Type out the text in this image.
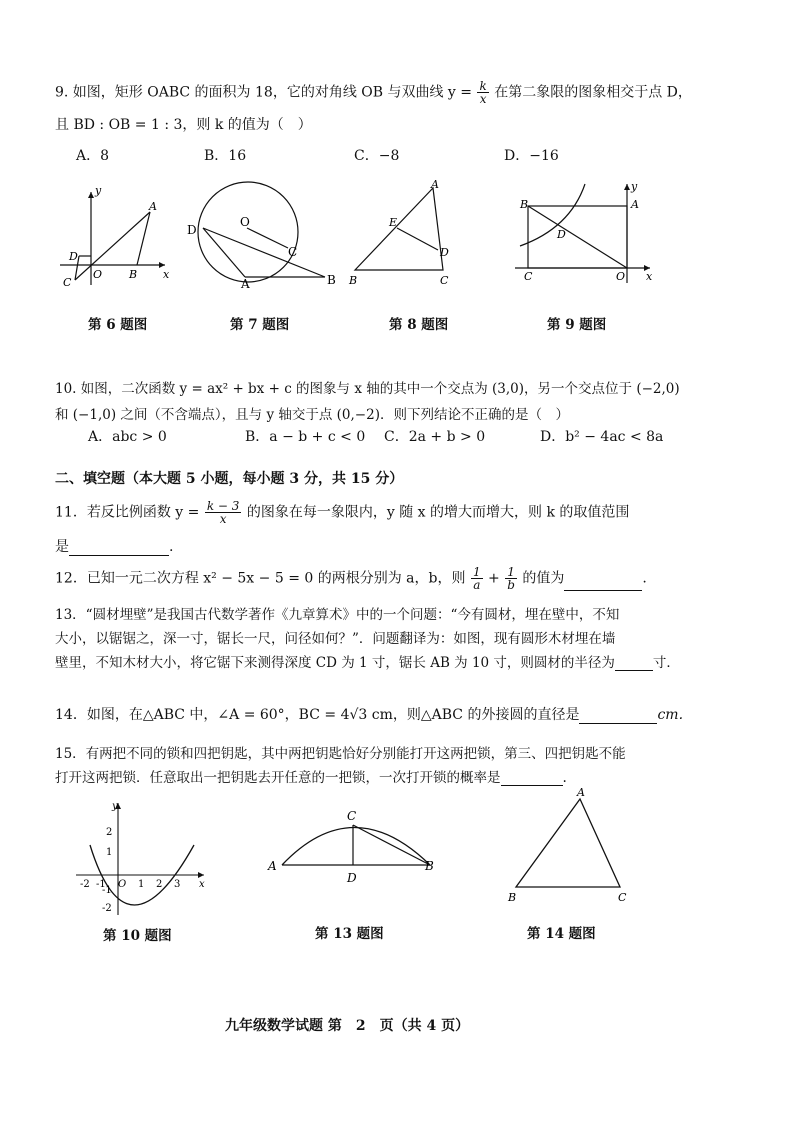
9. 如图，矩形 OABC 的面积为 18，它的对角线 OB 与双曲线 $y = \frac{k}{x}$ 在第二象限的图象相交于点 D，
且 BD : OB = 1 : 3，则 k 的值为（　）
A．8	B．16	C．−8	D．−16
y
x
A
B
C
D
O
第 6 题图
O
D
C
A	B
第 7 题图
A
E
D
B	C
第 8 题图
y
B	A
D
C	O x
第 9 题图
10. 如图，二次函数 y = ax² + bx + c 的图象与 x 轴的其中一个交点为 (3,0)，另一个交点位于 (−2,0)
和 (−1,0) 之间（不含端点），且与 y 轴交于点 (0,−2)．则下列结论不正确的是（　）
A．abc > 0	B．a − b + c < 0 C．2a + b > 0	D．b² − 4ac < 8a
二、填空题（本大题 5 小题，每小题 3 分，共 15 分）
11．若反比例函数 $y = \frac{k - 3}{x}$ 的图象在每一象限内，y 随 x 的增大而增大，则 k 的取值范围
是	.
12．已知一元二次方程 x² − 5x − 5 = 0 的两根分别为 a，b，则 $\frac{1}{a} + \frac{1}{b}$ 的值为	.
13．“圆材埋壁”是我国古代数学著作《九章算术》中的一个问题：“今有圆材，埋在壁中，不知
大小，以锯锯之，深一寸，锯长一尺，问径如何？”．问题翻译为：如图，现有圆形木材埋在墙
壁里，不知木材大小，将它锯下来测得深度 CD 为 1 寸，锯长 AB 为 10 寸，则圆材的半径为	寸．
14．如图，在△ABC 中，∠A = 60°，BC = 4√3 cm，则△ABC 的外接圆的直径是	cm.
15．有两把不同的锁和四把钥匙，其中两把钥匙恰好分别能打开这两把锁，第三、四把钥匙不能
打开这两把锁．任意取出一把钥匙去开任意的一把锁，一次打开锁的概率是	.
y
x
O
2
1
-1
-2
-2 -1	1 2 3
第 10 题图
A	B
C
D
第 13 题图
A
B	C
第 14 题图
九年级数学试题 第　2　页（共 4 页）
